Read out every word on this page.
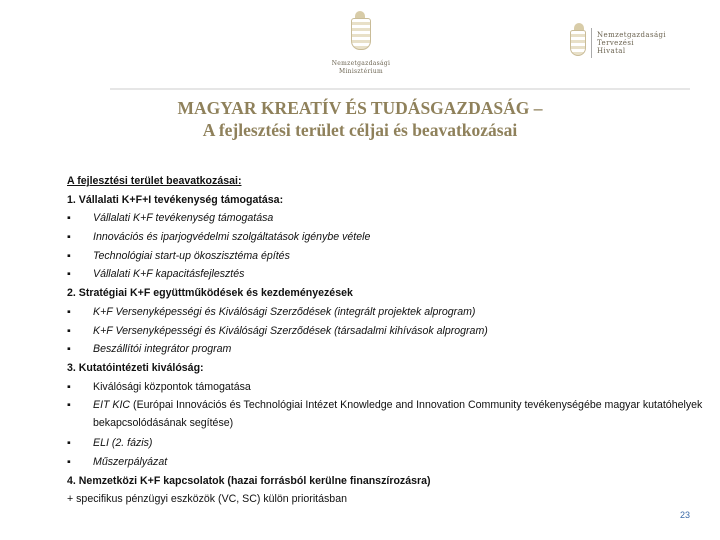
Nemzetgazdasági
Minisztérium
Nemzetgazdasági
Tervezési
Hivatal
MAGYAR KREATÍV ÉS TUDÁSGAZDASÁG –
A fejlesztési terület céljai és beavatkozásai
A fejlesztési terület beavatkozásai:
1. Vállalati K+F+I tevékenység támogatása:
▪	Vállalati K+F tevékenység támogatása
▪	Innovációs és iparjogvédelmi szolgáltatások igénybe vétele
▪	Technológiai start-up ökoszisztéma építés
▪	Vállalati K+F kapacitásfejlesztés
2. Stratégiai K+F együttműködések és kezdeményezések
▪	K+F Versenyképességi és Kiválósági Szerződések (integrált projektek alprogram)
▪	K+F Versenyképességi és Kiválósági Szerződések (társadalmi kihívások alprogram)
▪	Beszállítói integrátor program
3. Kutatóintézeti kiválóság:
▪	Kiválósági központok támogatása
▪	EIT KIC (Európai Innovációs és Technológiai Intézet Knowledge and Innovation Community tevékenységébe magyar kutatóhelyek bekapcsolódásának segítése)
▪	ELI (2. fázis)
▪	Műszerpályázat
4. Nemzetközi K+F kapcsolatok (hazai forrásból kerülne finanszírozásra)
+ specifikus pénzügyi eszközök (VC, SC) külön prioritásban
23
